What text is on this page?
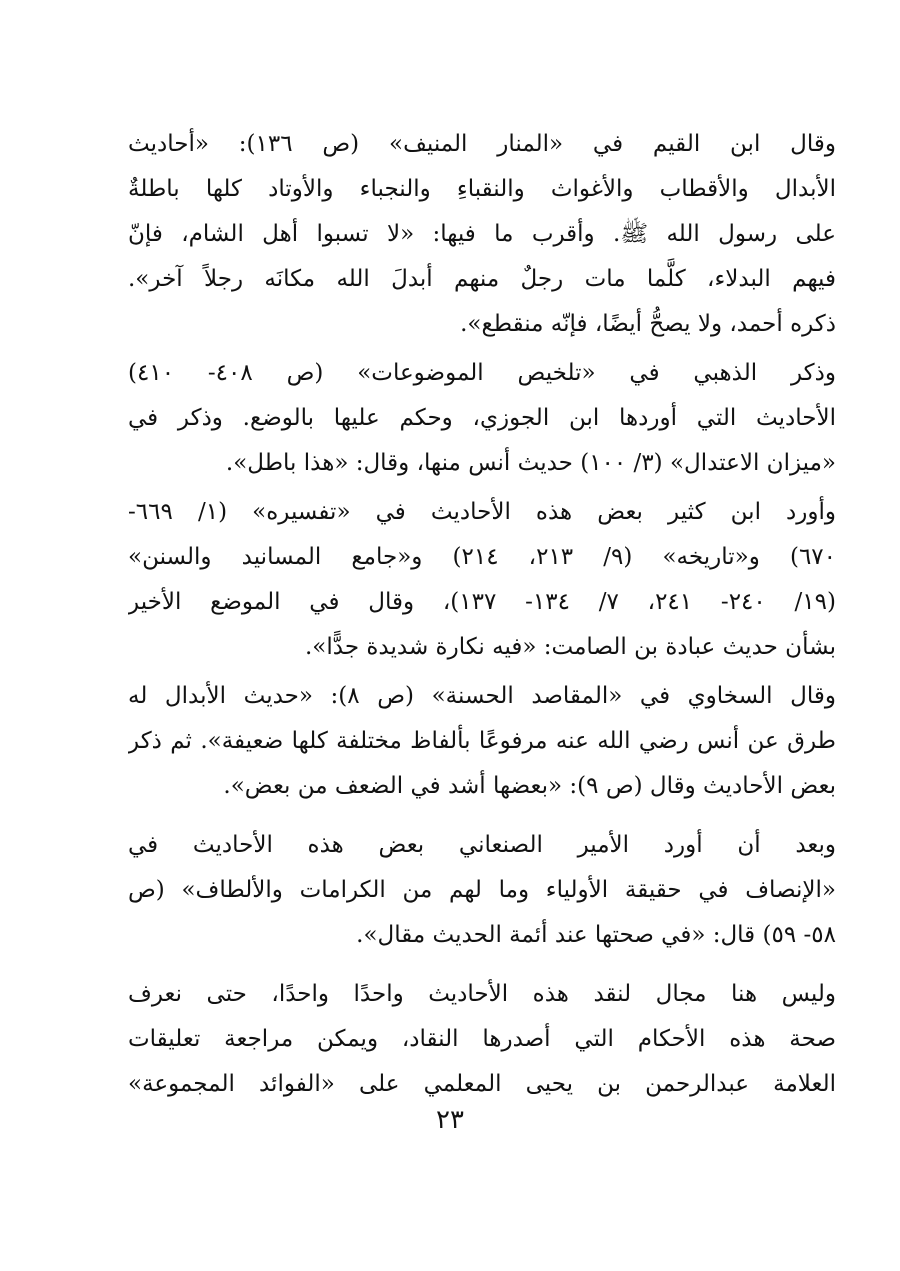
وقال ابن القيم في «المنار المنيف» (ص ١٣٦): «أحاديث
الأبدال والأقطاب والأغواث والنقباءِ والنجباء والأوتاد كلها باطلةٌ
على رسول الله ﷺ. وأقرب ما فيها: «لا تسبوا أهل الشام، فإنّ
فيهم البدلاء، كلَّما مات رجلٌ منهم أبدلَ الله مكانَه رجلاً آخر».
ذكره أحمد، ولا يصحُّ أيضًا، فإنّه منقطع».

وذكر الذهبي في «تلخيص الموضوعات» (ص ٤٠٨- ٤١٠)
الأحاديث التي أوردها ابن الجوزي، وحكم عليها بالوضع. وذكر في
«ميزان الاعتدال» (٣/ ١٠٠) حديث أنس منها، وقال: «هذا باطل».

وأورد ابن كثير بعض هذه الأحاديث في «تفسيره» (١/ ٦٦٩-
٦٧٠) و«تاريخه» (٩/ ٢١٣، ٢١٤) و«جامع المسانيد والسنن»
(١٩/ ٢٤٠- ٢٤١، ٧/ ١٣٤- ١٣٧)، وقال في الموضع الأخير
بشأن حديث عبادة بن الصامت: «فيه نكارة شديدة جدًّا».

وقال السخاوي في «المقاصد الحسنة» (ص ٨): «حديث الأبدال له
طرق عن أنس رضي الله عنه مرفوعًا بألفاظ مختلفة كلها ضعيفة». ثم ذكر
بعض الأحاديث وقال (ص ٩): «بعضها أشد في الضعف من بعض».

وبعد أن أورد الأمير الصنعاني بعض هذه الأحاديث في
«الإنصاف في حقيقة الأولياء وما لهم من الكرامات والألطاف» (ص
٥٨- ٥٩) قال: «في صحتها عند أئمة الحديث مقال».

وليس هنا مجال لنقد هذه الأحاديث واحدًا واحدًا، حتى نعرف
صحة هذه الأحكام التي أصدرها النقاد، ويمكن مراجعة تعليقات
العلامة عبدالرحمن بن يحيى المعلمي على «الفوائد المجموعة»

٢٣
